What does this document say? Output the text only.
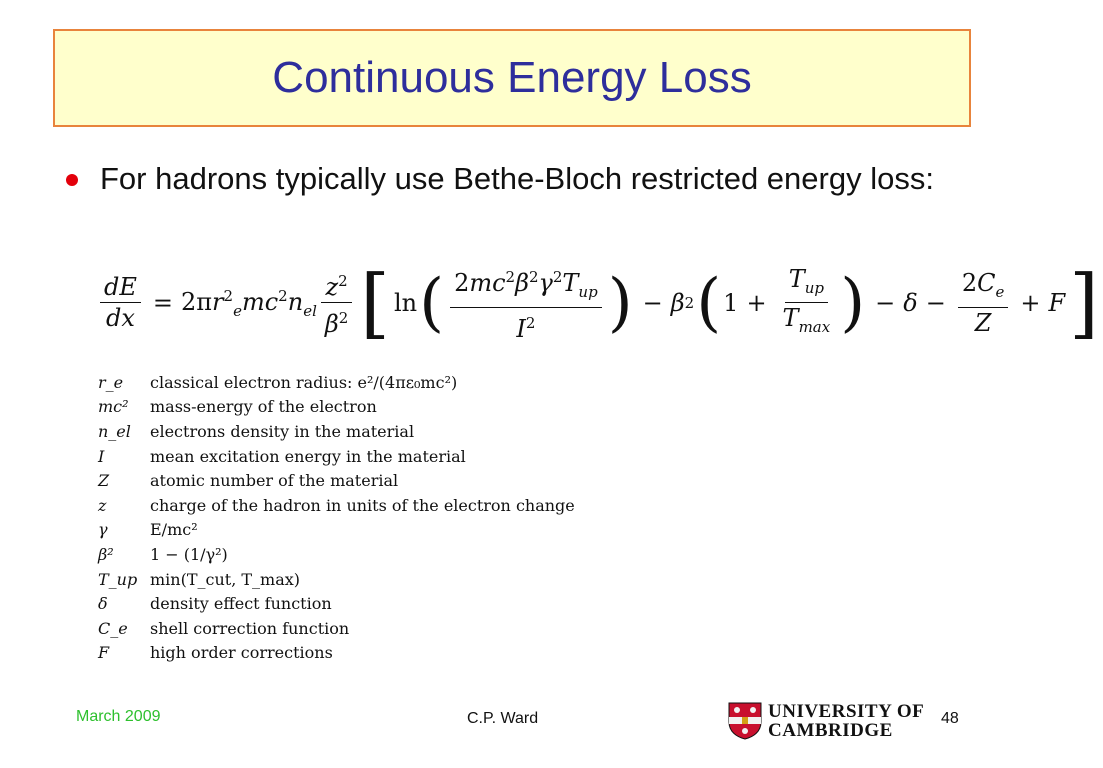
Continuous Energy Loss
For hadrons typically use Bethe-Bloch restricted energy loss:
$\frac{dE}{dx} = 2\pi r^2_emc^2n_{el} \frac{z^2}{\beta^2}$ [ ln ( $\frac{2mc^2\beta^2\gamma^2T_{up}}{I^2}$ ) − β 2 ( $1 + \frac{T_{up}}{T_{max}}$ ) − $\delta - \frac{2C_e}{Z} + F$ ]
r_e	classical electron radius: e²/(4πε₀mc²)
mc²	mass-energy of the electron
n_el	electrons density in the material
I	mean excitation energy in the material
Z	atomic number of the material
z	charge of the hadron in units of the electron change
γ	E/mc²
β²	1 − (1/γ²)
T_up min(T_cut, T_max)
δ	density effect function
C_e	shell correction function
F	high order corrections
March 2009	C.P. Ward	UNIVERSITY OF
CAMBRIDGE
48
